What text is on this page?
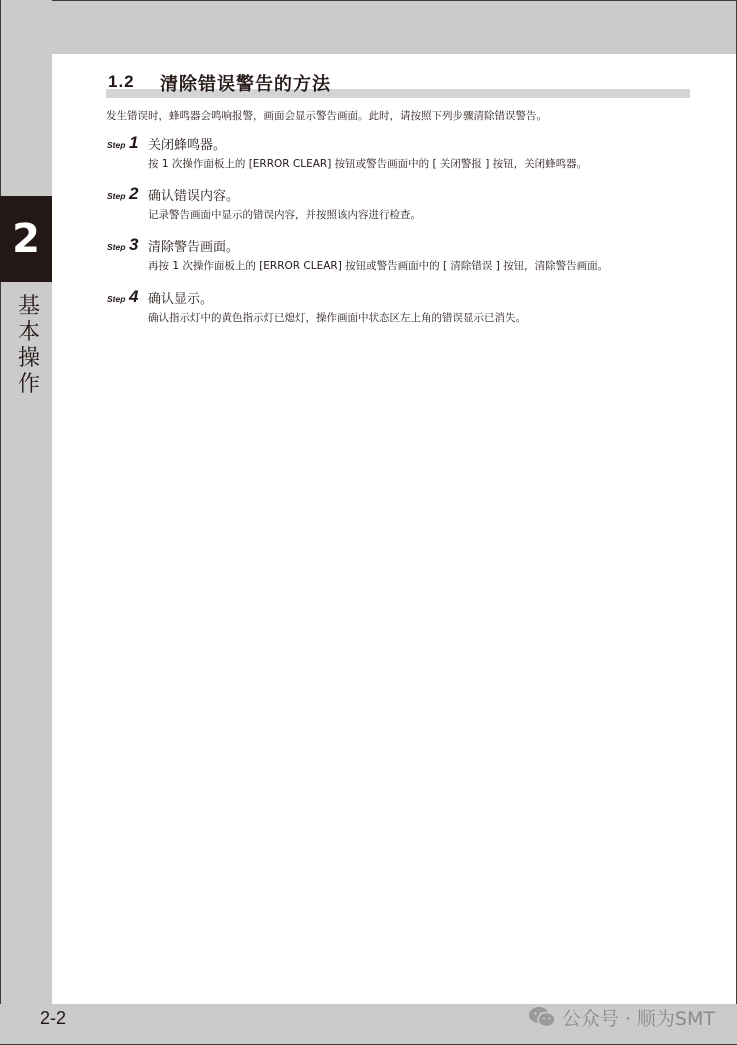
2
基本操作
1.2 清除错误警告的方法
发生错误时，蜂鸣器会鸣响报警，画面会显示警告画面。此时，请按照下列步骤清除错误警告。
Step 1 关闭蜂鸣器。
按 1 次操作面板上的 [ERROR CLEAR] 按钮或警告画面中的 [ 关闭警报 ] 按钮，关闭蜂鸣器。
Step 2 确认错误内容。
记录警告画面中显示的错误内容，并按照该内容进行检查。
Step 3 清除警告画面。
再按 1 次操作面板上的 [ERROR CLEAR] 按钮或警告画面中的 [ 清除错误 ] 按钮，清除警告画面。
Step 4 确认显示。
确认指示灯中的黄色指示灯已熄灯，操作画面中状态区左上角的错误显示已消失。
2-2	公众号 · 顺为SMT
